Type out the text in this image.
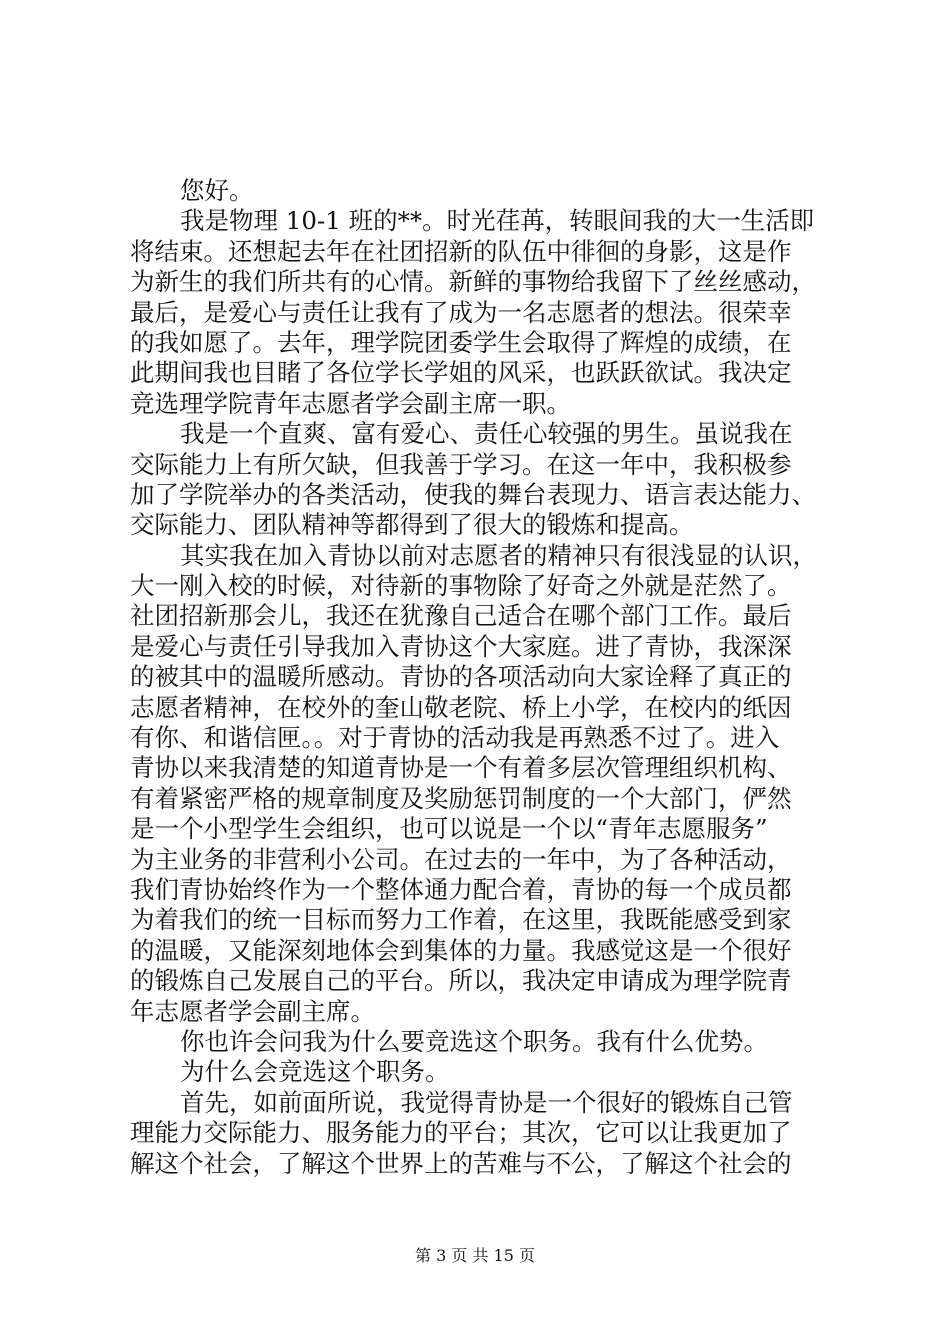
您好。
我是物理 10-1 班的**。时光荏苒，转眼间我的大一生活即
将结束。还想起去年在社团招新的队伍中徘徊的身影，这是作
为新生的我们所共有的心情。新鲜的事物给我留下了丝丝感动，
最后，是爱心与责任让我有了成为一名志愿者的想法。很荣幸
的我如愿了。去年，理学院团委学生会取得了辉煌的成绩，在
此期间我也目睹了各位学长学姐的风采，也跃跃欲试。我决定
竞选理学院青年志愿者学会副主席一职。
我是一个直爽、富有爱心、责任心较强的男生。虽说我在
交际能力上有所欠缺，但我善于学习。在这一年中，我积极参
加了学院举办的各类活动，使我的舞台表现力、语言表达能力、
交际能力、团队精神等都得到了很大的锻炼和提高。
其实我在加入青协以前对志愿者的精神只有很浅显的认识，
大一刚入校的时候，对待新的事物除了好奇之外就是茫然了。
社团招新那会儿，我还在犹豫自己适合在哪个部门工作。最后
是爱心与责任引导我加入青协这个大家庭。进了青协，我深深
的被其中的温暖所感动。青协的各项活动向大家诠释了真正的
志愿者精神，在校外的奎山敬老院、桥上小学，在校内的纸因
有你、和谐信匣。。对于青协的活动我是再熟悉不过了。进入
青协以来我清楚的知道青协是一个有着多层次管理组织机构、
有着紧密严格的规章制度及奖励惩罚制度的一个大部门，俨然
是一个小型学生会组织，也可以说是一个以“青年志愿服务”
为主业务的非营利小公司。在过去的一年中，为了各种活动，
我们青协始终作为一个整体通力配合着，青协的每一个成员都
为着我们的统一目标而努力工作着，在这里，我既能感受到家
的温暖，又能深刻地体会到集体的力量。我感觉这是一个很好
的锻炼自己发展自己的平台。所以，我决定申请成为理学院青
年志愿者学会副主席。
你也许会问我为什么要竞选这个职务。我有什么优势。
为什么会竞选这个职务。
首先，如前面所说，我觉得青协是一个很好的锻炼自己管
理能力交际能力、服务能力的平台；其次，它可以让我更加了
解这个社会，了解这个世界上的苦难与不公，了解这个社会的
第 3 页 共 15 页
